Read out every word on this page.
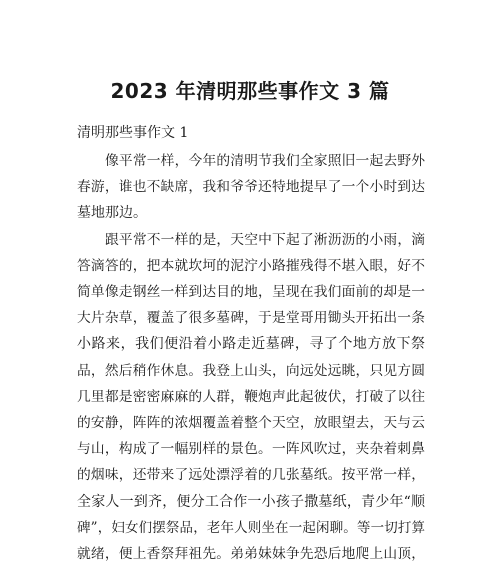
2023 年清明那些事作文 3 篇
清明那些事作文 1

像平常一样，今年的清明节我们全家照旧一起去野外
春游，谁也不缺席，我和爷爷还特地提早了一个小时到达
墓地那边。

跟平常不一样的是，天空中下起了淅沥沥的小雨，滴
答滴答的，把本就坎坷的泥泞小路摧残得不堪入眼，好不
简单像走钢丝一样到达目的地，呈现在我们面前的却是一
大片杂草，覆盖了很多墓碑，于是堂哥用锄头开拓出一条
小路来，我们便沿着小路走近墓碑，寻了个地方放下祭
品，然后稍作休息。我登上山头，向远处远眺，只见方圆
几里都是密密麻麻的人群，鞭炮声此起彼伏，打破了以往
的安静，阵阵的浓烟覆盖着整个天空，放眼望去，天与云
与山，构成了一幅别样的景色。一阵风吹过，夹杂着刺鼻
的烟味，还带来了远处漂浮着的几张墓纸。按平常一样，
全家人一到齐，便分工合作一小孩子撒墓纸，青少年“顺
碑”，妇女们摆祭品，老年人则坐在一起闲聊。等一切打算
就绪，便上香祭拜祖先。弟弟妹妹争先恐后地爬上山顶，
